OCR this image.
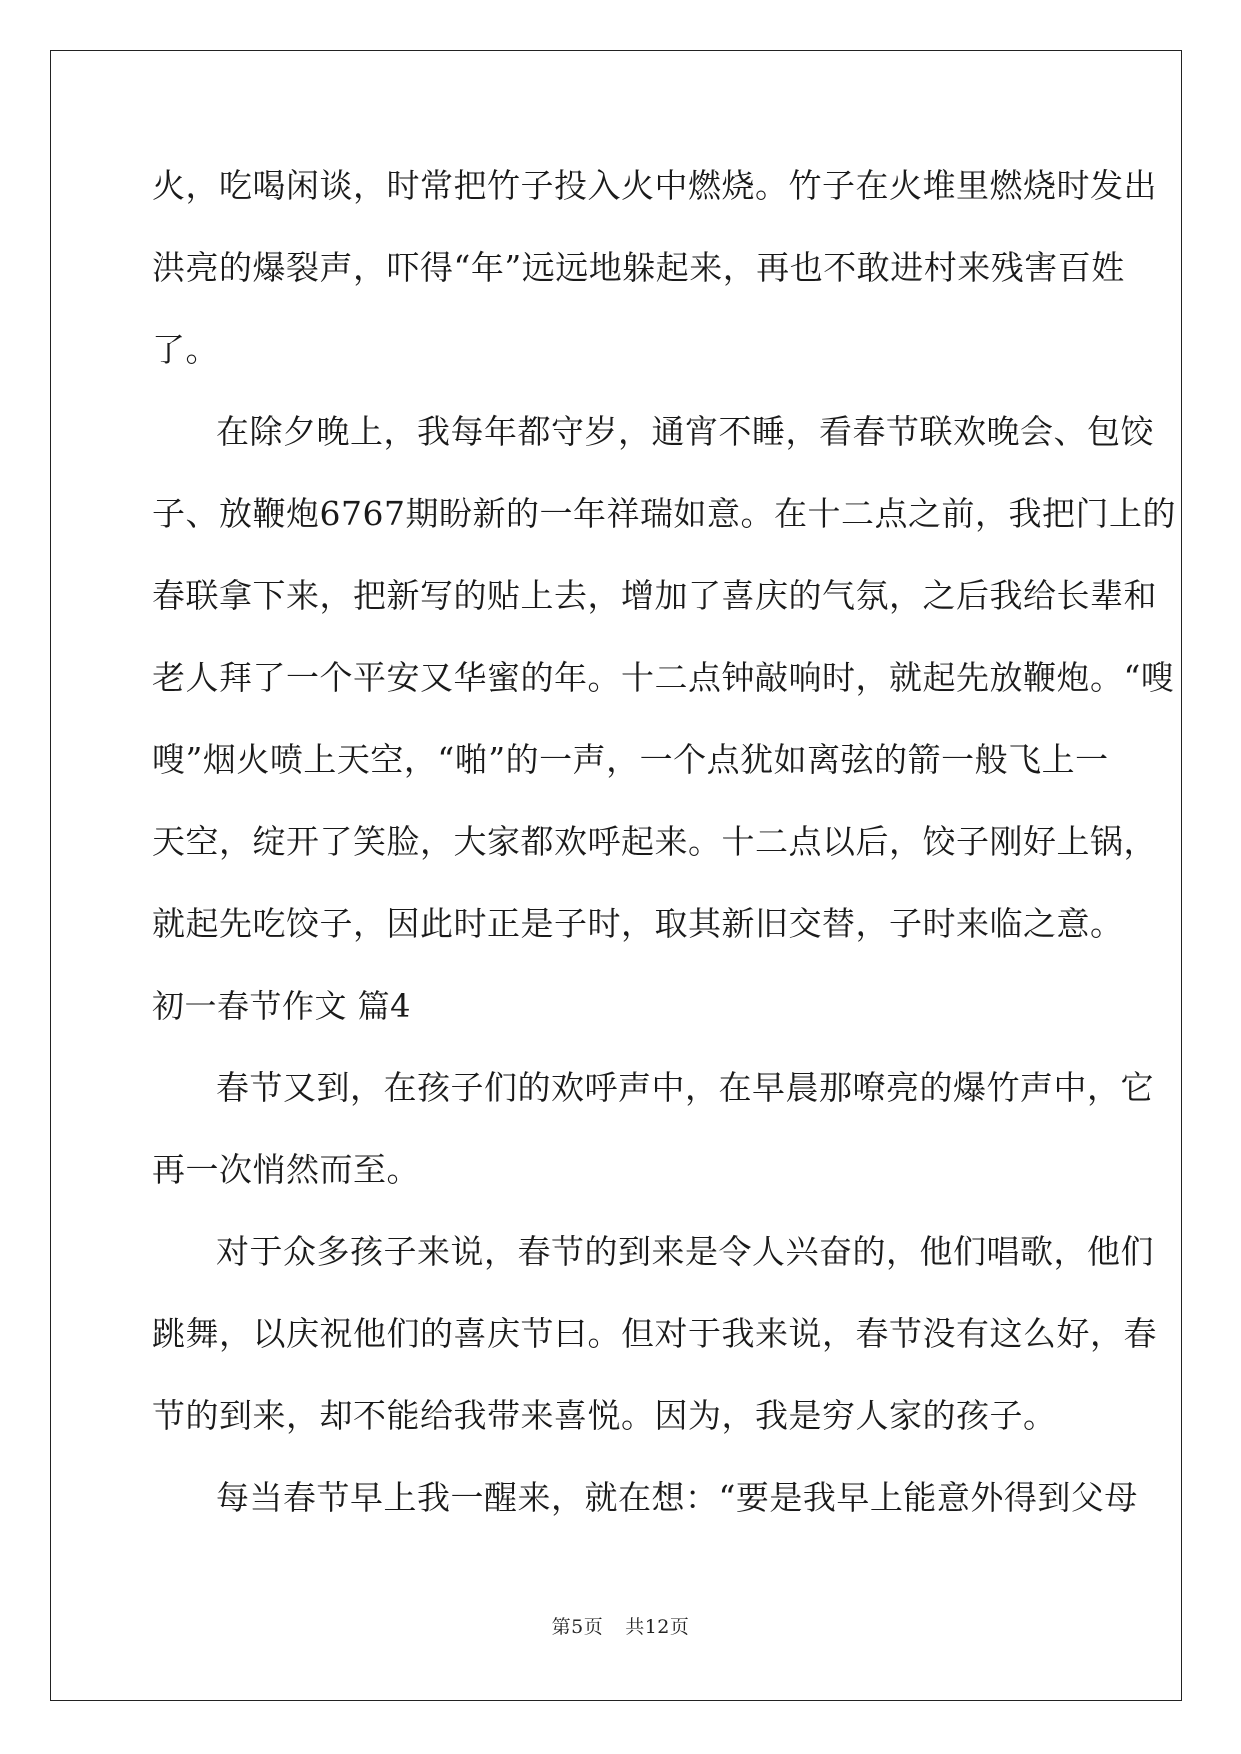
火，吃喝闲谈，时常把竹子投入火中燃烧。竹子在火堆里燃烧时发出
洪亮的爆裂声，吓得“年”远远地躲起来，再也不敢进村来残害百姓
了。
在除夕晚上，我每年都守岁，通宵不睡，看春节联欢晚会、包饺
子、放鞭炮6767期盼新的一年祥瑞如意。在十二点之前，我把门上的
春联拿下来，把新写的贴上去，增加了喜庆的气氛，之后我给长辈和
老人拜了一个平安又华蜜的年。十二点钟敲响时，就起先放鞭炮。“嗖
嗖”烟火喷上天空，“啪”的一声，一个点犹如离弦的箭一般飞上一
天空，绽开了笑脸，大家都欢呼起来。十二点以后，饺子刚好上锅，
就起先吃饺子，因此时正是子时，取其新旧交替，子时来临之意。
初一春节作文 篇4
春节又到，在孩子们的欢呼声中，在早晨那嘹亮的爆竹声中，它
再一次悄然而至。
对于众多孩子来说，春节的到来是令人兴奋的，他们唱歌，他们
跳舞，以庆祝他们的喜庆节曰。但对于我来说，春节没有这么好，春
节的到来，却不能给我带来喜悦。因为，我是穷人家的孩子。
每当春节早上我一醒来，就在想：“要是我早上能意外得到父母
第5页 共12页
